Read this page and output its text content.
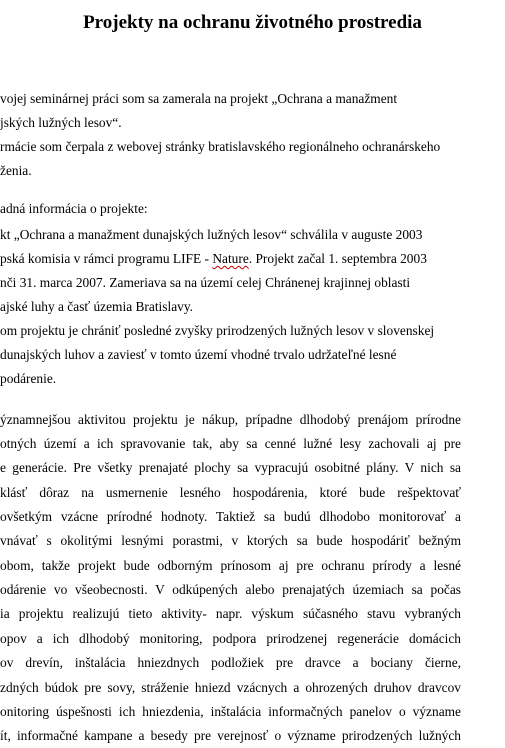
Projekty na ochranu životného prostredia
vojej seminárnej práci som sa zamerala na projekt „Ochrana a manažment
jských lužných lesov“.
rmácie som čerpala z webovej stránky bratislavského regionálneho ochranárskeho
ženia.
adná informácia o projekte:
kt „Ochrana a manažment dunajských lužných lesov“ schválila v auguste 2003
pská komisia v rámci programu LIFE - Nature. Projekt začal 1. septembra 2003
nči 31. marca 2007. Zameriava sa na území celej Chránenej krajinnej oblasti
ajské luhy a časť územia Bratislavy.
om projektu je chrániť posledné zvyšky prirodzených lužných lesov v slovenskej
dunajských luhov a zaviesť v tomto území vhodné trvalo udržateľné lesné
podárenie.
ýznamnejšou aktivitou projektu je nákup, prípadne dlhodobý prenájom prírodne
otných území a ich spravovanie tak, aby sa cenné lužné lesy zachovali aj pre
e generácie. Pre všetky prenajaté plochy sa vypracujú osobitné plány. V nich sa
klásť dôraz na usmernenie lesného hospodárenia, ktoré bude rešpektovať
ovšetkým vzácne prírodné hodnoty. Taktiež sa budú dlhodobo monitorovať a
vnávať s okolitými lesnými porastmi, v ktorých sa bude hospodáriť bežným
obom, takže projekt bude odborným prínosom aj pre ochranu prírody a lesné
odárenie vo všeobecnosti. V odkúpených alebo prenajatých územiach sa počas
ia projektu realizujú tieto aktivity- napr. výskum súčasného stavu vybraných
opov a ich dlhodobý monitoring, podpora prirodzenej regenerácie domácich
ov drevín, inštalácia hniezdnych podložiek pre dravce a bociany čierne,
zdných búdok pre sovy, stráženie hniezd vzácnych a ohrozených druhov dravcov
onitoring úspešnosti ich hniezdenia, inštalácia informačných panelov o význame
ít, informačné kampane a besedy pre verejnosť o význame prirodzených lužných
